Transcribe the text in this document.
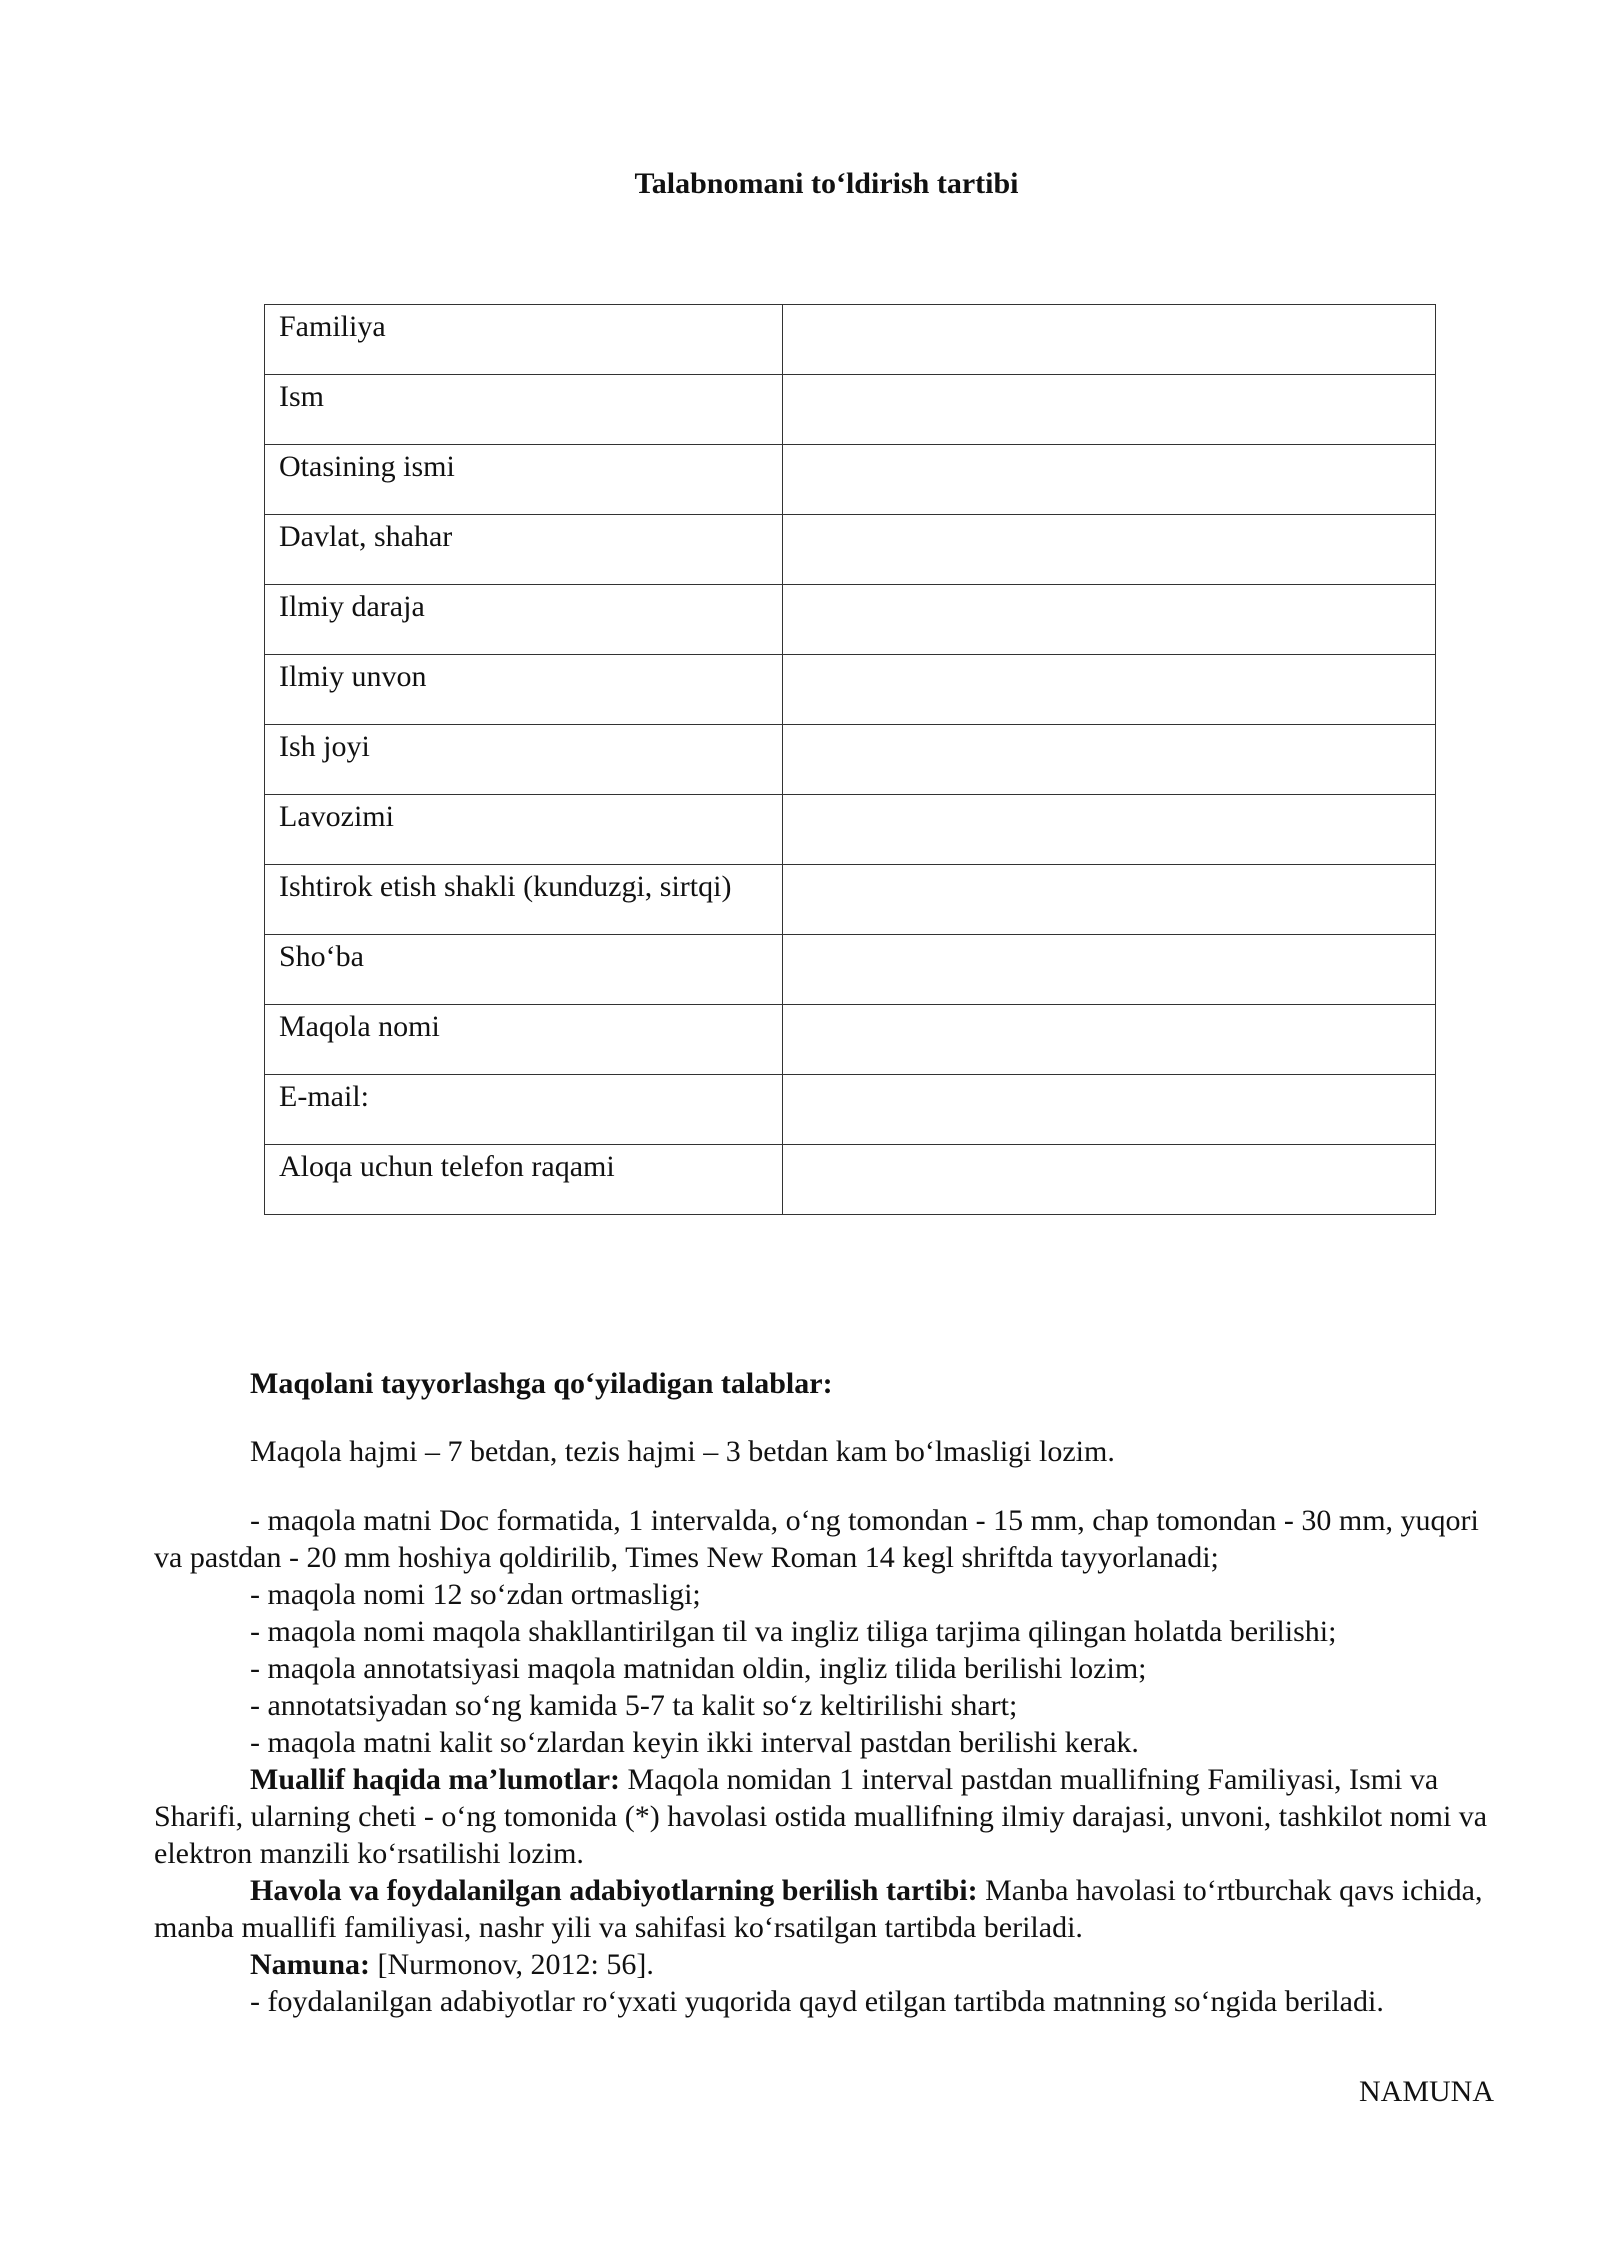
Talabnomani to‘ldirish tartibi
Familiya	
Ism	
Otasining ismi	
Davlat, shahar	
Ilmiy daraja	
Ilmiy unvon	
Ish joyi	
Lavozimi	
Ishtirok etish shakli (kunduzgi, sirtqi)	
Sho‘ba	
Maqola nomi	
E-mail:	
Aloqa uchun telefon raqami	

Maqolani tayyorlashga qo‘yiladigan talablar:

Maqola hajmi – 7 betdan, tezis hajmi – 3 betdan kam bo‘lmasligi lozim.

- maqola matni Doc formatida, 1 intervalda, o‘ng tomondan - 15 mm, chap tomondan - 30 mm, yuqori va pastdan - 20 mm hoshiya qoldirilib, Times New Roman 14 kegl shriftda tayyorlanadi;

- maqola nomi 12 so‘zdan ortmasligi;

- maqola nomi maqola shakllantirilgan til va ingliz tiliga tarjima qilingan holatda berilishi;

- maqola annotatsiyasi maqola matnidan oldin, ingliz tilida berilishi lozim;

- annotatsiyadan so‘ng kamida 5-7 ta kalit so‘z keltirilishi shart;

- maqola matni kalit so‘zlardan keyin ikki interval pastdan berilishi kerak.

Muallif haqida ma’lumotlar: Maqola nomidan 1 interval pastdan muallifning Familiyasi, Ismi va Sharifi, ularning cheti - o‘ng tomonida (*) havolasi ostida muallifning ilmiy darajasi, unvoni, tashkilot nomi va elektron manzili ko‘rsatilishi lozim.

Havola va foydalanilgan adabiyotlarning berilish tartibi: Manba havolasi to‘rtburchak qavs ichida, manba muallifi familiyasi, nashr yili va sahifasi ko‘rsatilgan tartibda beriladi.

Namuna: [Nurmonov, 2012: 56].

- foydalanilgan adabiyotlar ro‘yxati yuqorida qayd etilgan tartibda matnning so‘ngida beriladi.

NAMUNA
